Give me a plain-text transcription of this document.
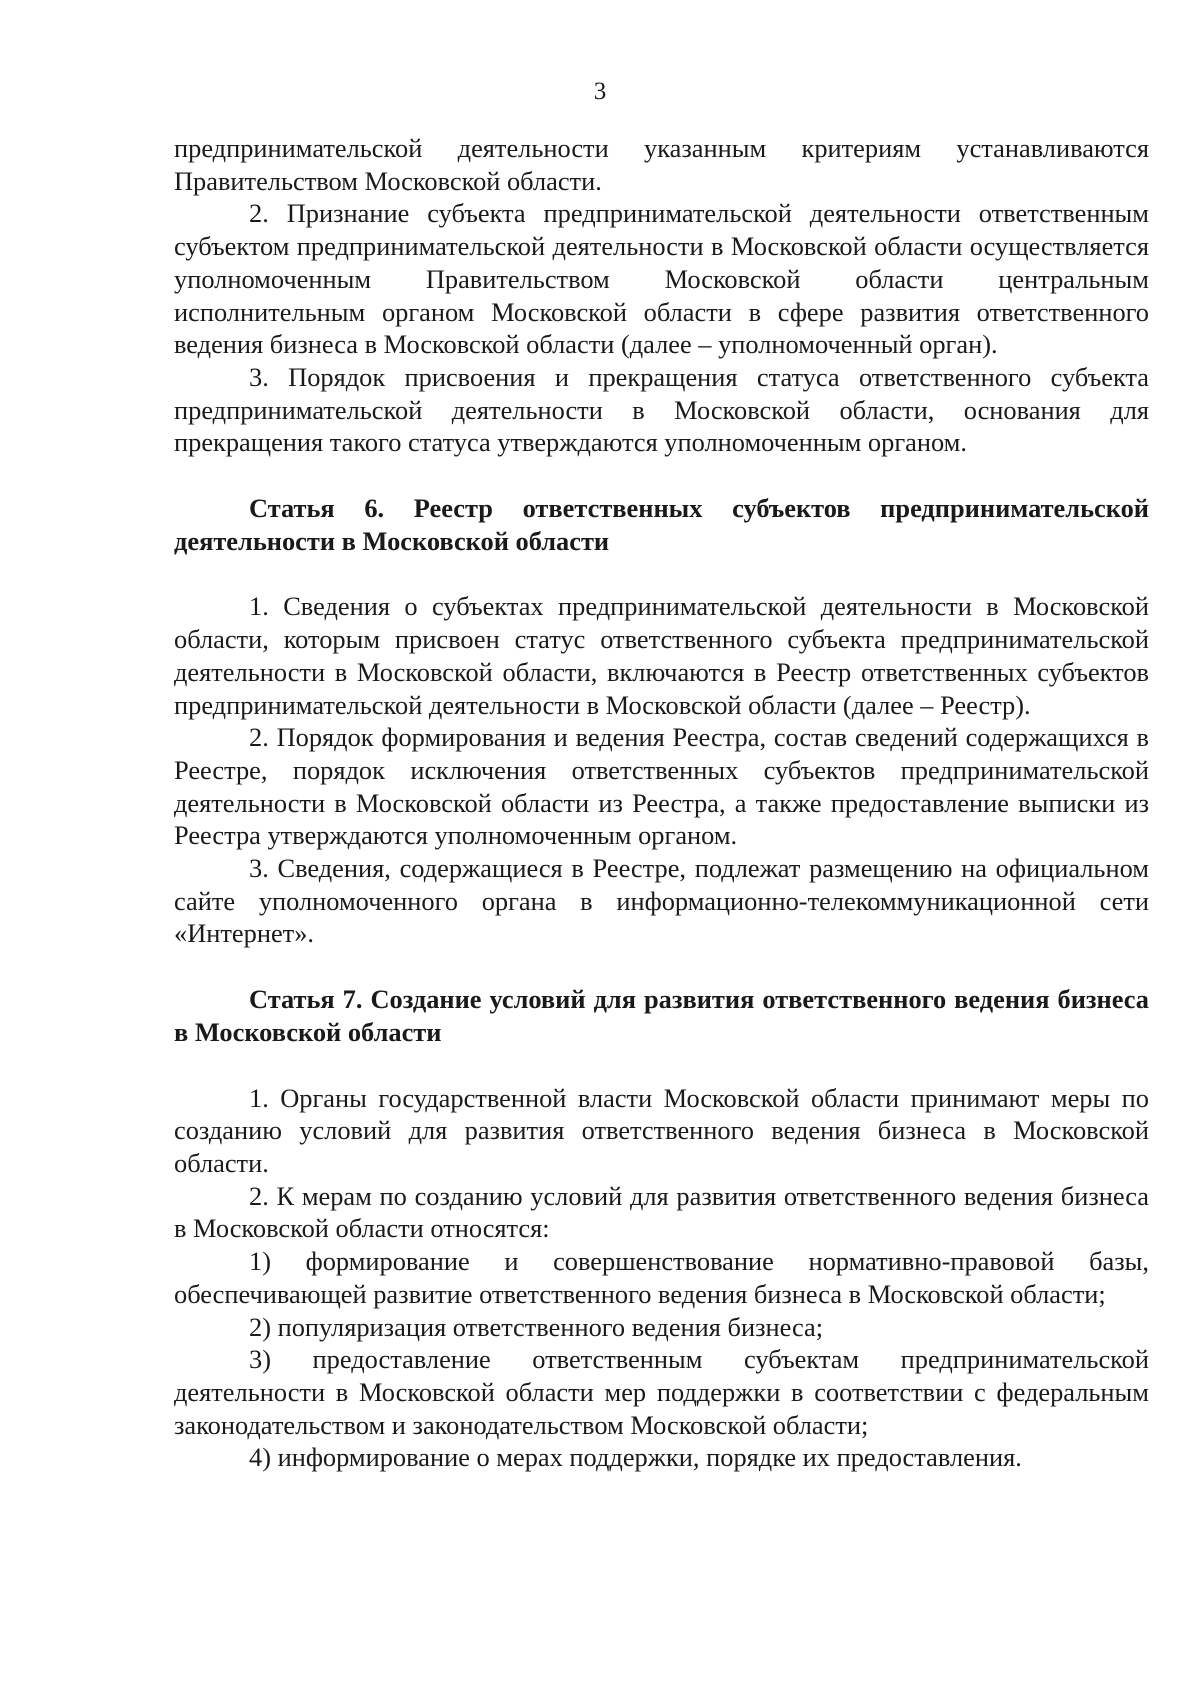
3

предпринимательской деятельности указанным критериям устанавливаются Правительством Московской области.

2. Признание субъекта предпринимательской деятельности ответственным субъектом предпринимательской деятельности в Московской области осуществляется уполномоченным Правительством Московской области центральным исполнительным органом Московской области в сфере развития ответственного ведения бизнеса в Московской области (далее – уполномоченный орган).

3. Порядок присвоения и прекращения статуса ответственного субъекта предпринимательской деятельности в Московской области, основания для прекращения такого статуса утверждаются уполномоченным органом.

Статья 6. Реестр ответственных субъектов предпринимательской деятельности в Московской области

1. Сведения о субъектах предпринимательской деятельности в Московской области, которым присвоен статус ответственного субъекта предпринимательской деятельности в Московской области, включаются в Реестр ответственных субъектов предпринимательской деятельности в Московской области (далее – Реестр).

2. Порядок формирования и ведения Реестра, состав сведений содержащихся в Реестре, порядок исключения ответственных субъектов предпринимательской деятельности в Московской области из Реестра, а также предоставление выписки из Реестра утверждаются уполномоченным органом.

3. Сведения, содержащиеся в Реестре, подлежат размещению на официальном сайте уполномоченного органа в информационно-телекоммуникационной сети «Интернет».

Статья 7. Создание условий для развития ответственного ведения бизнеса в Московской области

1. Органы государственной власти Московской области принимают меры по созданию условий для развития ответственного ведения бизнеса в Московской области.

2. К мерам по созданию условий для развития ответственного ведения бизнеса в Московской области относятся:

1) формирование и совершенствование нормативно-правовой базы, обеспечивающей развитие ответственного ведения бизнеса в Московской области;

2) популяризация ответственного ведения бизнеса;

3) предоставление ответственным субъектам предпринимательской деятельности в Московской области мер поддержки в соответствии с федеральным законодательством и законодательством Московской области;

4) информирование о мерах поддержки, порядке их предоставления.
